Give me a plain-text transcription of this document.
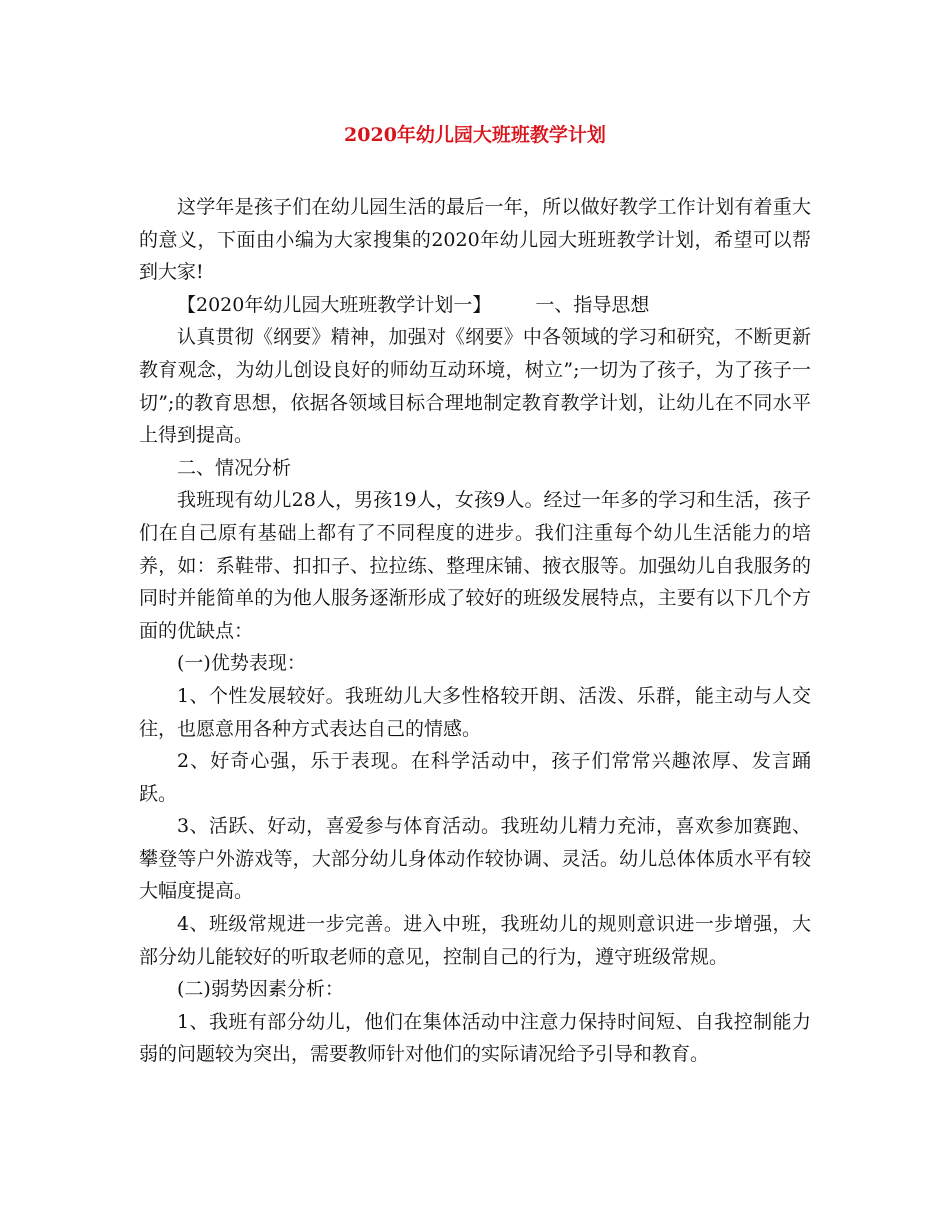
2020年幼儿园大班班教学计划

这学年是孩子们在幼儿园生活的最后一年，所以做好教学工作计划有着重大的意义，下面由小编为大家搜集的2020年幼儿园大班班教学计划，希望可以帮到大家!

【2020年幼儿园大班班教学计划一】 一、指导思想

认真贯彻《纲要》精神，加强对《纲要》中各领域的学习和研究，不断更新教育观念，为幼儿创设良好的师幼互动环境，树立”;一切为了孩子，为了孩子一切”;的教育思想，依据各领域目标合理地制定教育教学计划，让幼儿在不同水平上得到提高。

二、情况分析

我班现有幼儿28人，男孩19人，女孩9人。经过一年多的学习和生活，孩子们在自己原有基础上都有了不同程度的进步。我们注重每个幼儿生活能力的培养，如：系鞋带、扣扣子、拉拉练、整理床铺、掖衣服等。加强幼儿自我服务的同时并能简单的为他人服务逐渐形成了较好的班级发展特点，主要有以下几个方面的优缺点：

(一)优势表现：

1、个性发展较好。我班幼儿大多性格较开朗、活泼、乐群，能主动与人交往，也愿意用各种方式表达自己的情感。

2、好奇心强，乐于表现。在科学活动中，孩子们常常兴趣浓厚、发言踊跃。

3、活跃、好动，喜爱参与体育活动。我班幼儿精力充沛，喜欢参加赛跑、攀登等户外游戏等，大部分幼儿身体动作较协调、灵活。幼儿总体体质水平有较大幅度提高。

4、班级常规进一步完善。进入中班，我班幼儿的规则意识进一步增强，大部分幼儿能较好的听取老师的意见，控制自己的行为，遵守班级常规。

(二)弱势因素分析：

1、我班有部分幼儿，他们在集体活动中注意力保持时间短、自我控制能力弱的问题较为突出，需要教师针对他们的实际请况给予引导和教育。
